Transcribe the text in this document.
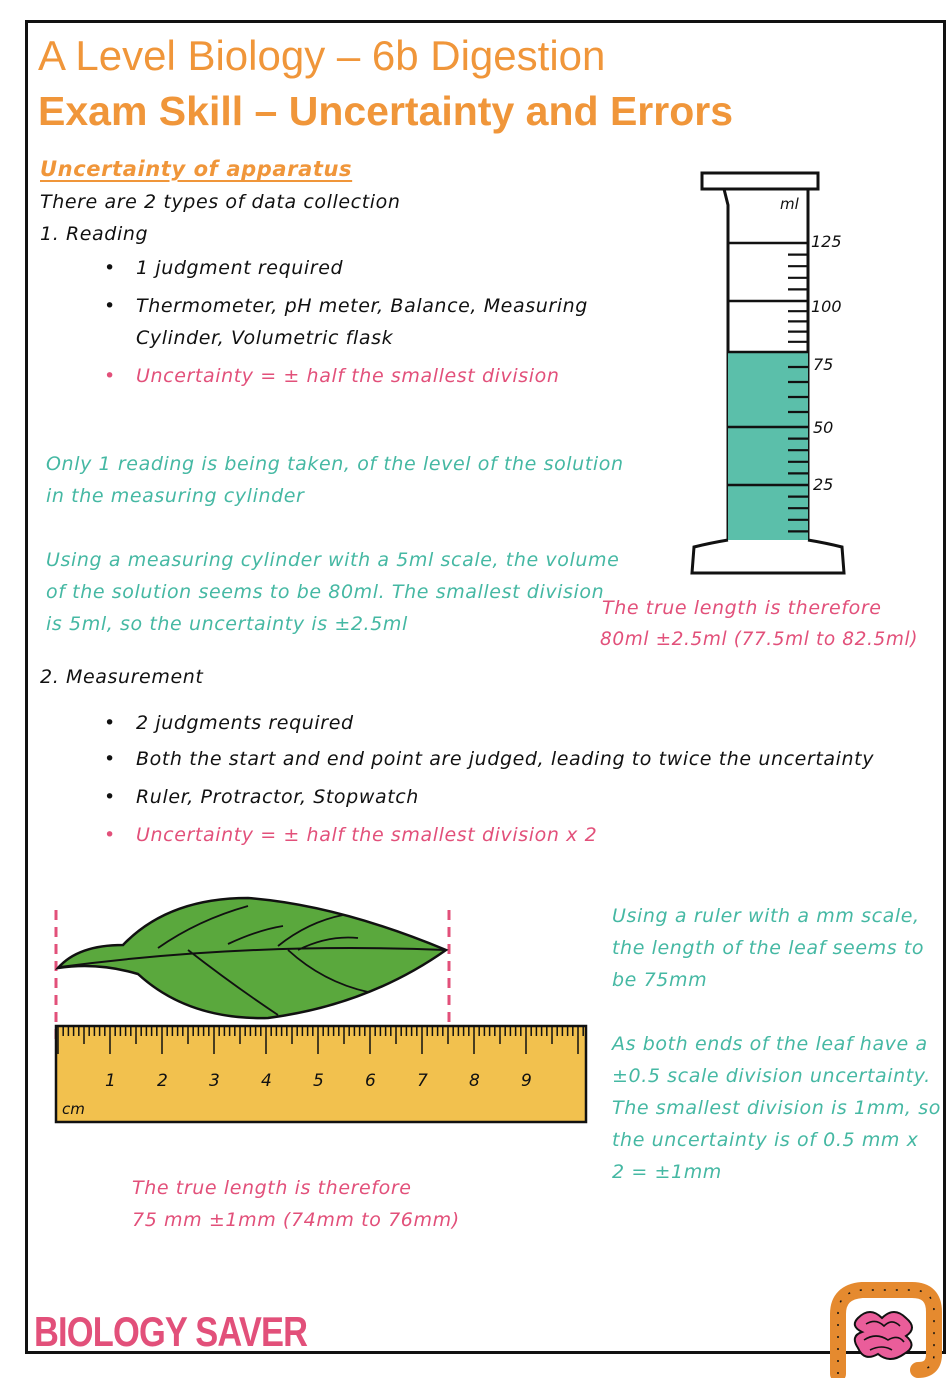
A Level Biology – 6b Digestion
Exam Skill – Uncertainty and Errors
Uncertainty of apparatus
There are 2 types of data collection
1. Reading
• 1 judgment required
• Thermometer, pH meter, Balance, Measuring
Cylinder, Volumetric flask
• Uncertainty = ± half the smallest division
Only 1 reading is being taken, of the level of the solution
in the measuring cylinder
Using a measuring cylinder with a 5ml scale, the volume
of the solution seems to be 80ml. The smallest division
is 5ml, so the uncertainty is ±2.5ml
The true length is therefore
80ml ±2.5ml (77.5ml to 82.5ml)
ml
125
100
75
50
25
2. Measurement
• 2 judgments required
• Both the start and end point are judged, leading to twice the uncertainty
• Ruler, Protractor, Stopwatch
• Uncertainty = ± half the smallest division x 2
1 2 3 4 5 6 7 8 9
cm
Using a ruler with a mm scale,
the length of the leaf seems to
be 75mm
As both ends of the leaf have a
±0.5 scale division uncertainty.
The smallest division is 1mm, so
the uncertainty is of 0.5 mm x
2 = ±1mm
The true length is therefore
75 mm ±1mm (74mm to 76mm)
BIOLOGY SAVER
